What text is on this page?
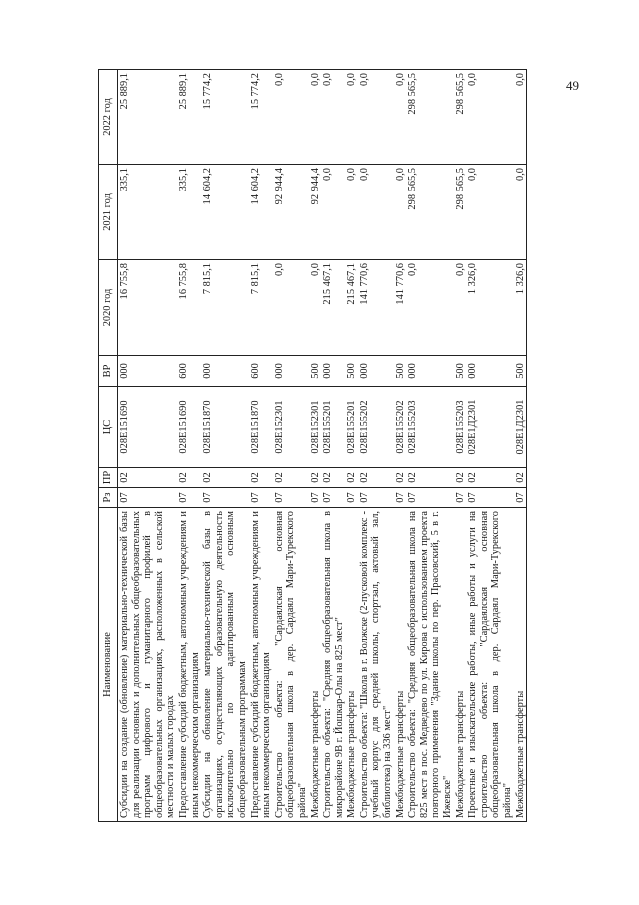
49
Наименование	Рз	ПР	ЦС	ВР	2020 год	2021 год	2022 год
Субсидии на создание (обновление) материально-технической базы для реализации основных и дополнительных общеобразовательных программ цифрового и гуманитарного профилей в общеобразовательных организациях, расположенных в сельской местности и малых городах	07	02	028E151690	000	16 755,8	335,1	25 889,1

Предоставление субсидий бюджетным, автономным учреждениям и иным некоммерческим организациям	07	02	028E151690	600	16 755,8	335,1	25 889,1

Субсидии на обновление материально-технической базы в организациях, осуществляющих образовательную деятельность исключительно по адаптированным основным общеобразовательным программам	07	02	028E151870	000	7 815,1	14 604,2	15 774,2

Предоставление субсидий бюджетным, автономным учреждениям и иным некоммерческим организациям	07	02	028E151870	600	7 815,1	14 604,2	15 774,2

Строительство объекта: "Сардаялская основная общеобразовательная школа в дер. Сардаял Мари-Турекского района"	07	02	028E152301	000	0,0	92 944,4	0,0

Межбюджетные трансферты	07	02	028E152301	500	0,0	92 944,4	0,0

Строительство объекта: "Средняя общеобразовательная школа в микрорайоне 9В г. Йошкар-Олы на 825 мест"	07	02	028E155201	000	215 467,1	0,0	0,0

Межбюджетные трансферты	07	02	028E155201	500	215 467,1	0,0	0,0

Строительство объекта: "Школа в г. Волжске (2-пусковой комплекс - учебный корпус для средней школы, спортзал, актовый зал, библиотека) на 336 мест"	07	02	028E155202	000	141 770,6	0,0	0,0

Межбюджетные трансферты	07	02	028E155202	500	141 770,6	0,0	0,0

Строительство объекта: "Средняя общеобразовательная школа на 825 мест в пос. Медведево по ул. Кирова с использованием проекта повторного применения "Здание школы по пер. Прасовский, 5 в г. Ижевске"	07	02	028E155203	000	0,0	298 565,5	298 565,5

Межбюджетные трансферты	07	02	028E155203	500	0,0	298 565,5	298 565,5

Проектные и изыскательские работы, иные работы и услуги на строительство объекта: "Сардаялская основная общеобразовательная школа в дер. Сардаял Мари-Турекского района"	07	02	028E1Д2301	000	1 326,0	0,0	0,0

Межбюджетные трансферты	07	02	028E1Д2301	500	1 326,0	0,0	0,0
